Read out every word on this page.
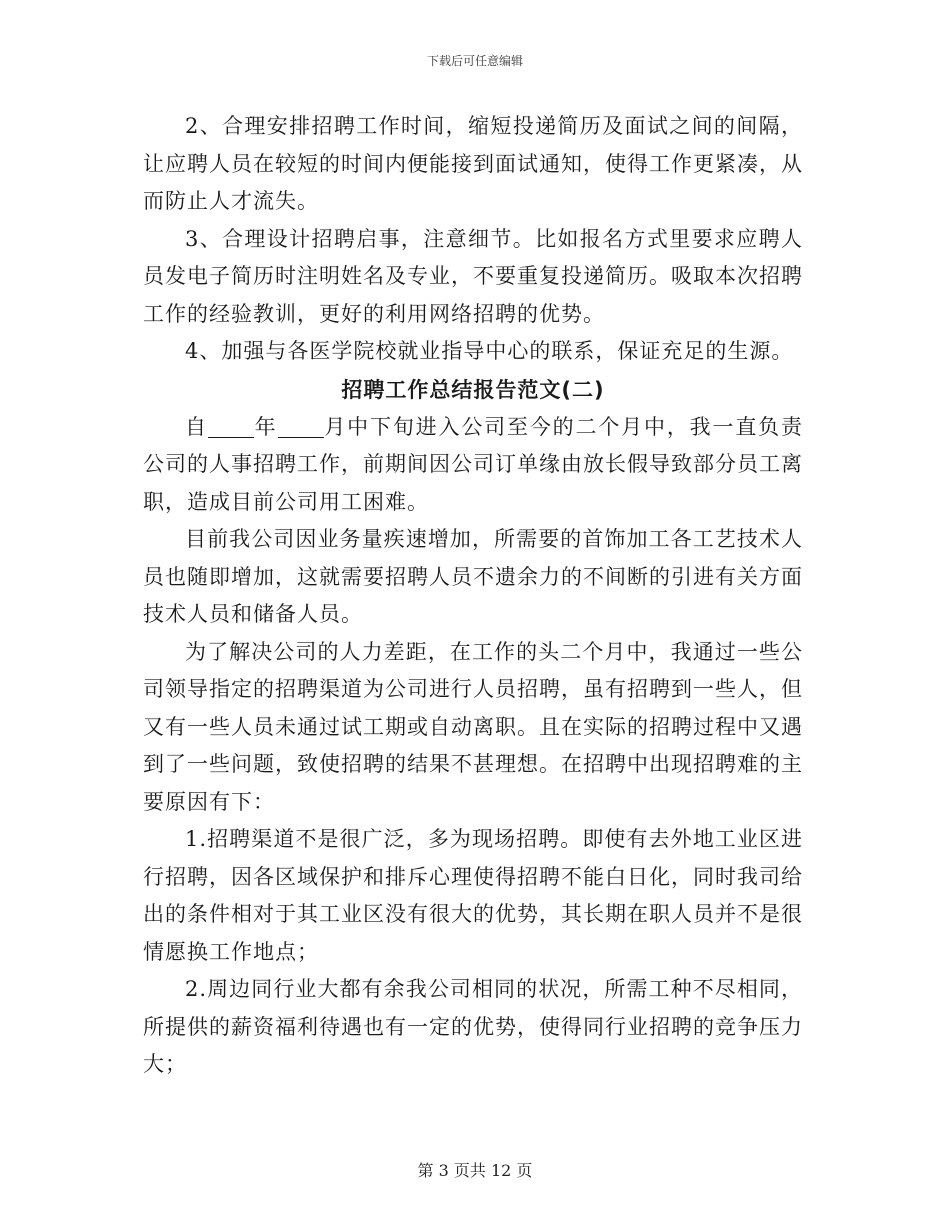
下载后可任意编辑

2、合理安排招聘工作时间，缩短投递简历及面试之间的间隔，让应聘人员在较短的时间内便能接到面试通知，使得工作更紧凑，从而防止人才流失。

3、合理设计招聘启事，注意细节。比如报名方式里要求应聘人员发电子简历时注明姓名及专业，不要重复投递简历。吸取本次招聘工作的经验教训，更好的利用网络招聘的优势。

4、加强与各医学院校就业指导中心的联系，保证充足的生源。

招聘工作总结报告范文(二)

自 年 月中下旬进入公司至今的二个月中，我一直负责公司的人事招聘工作，前期间因公司订单缘由放长假导致部分员工离职，造成目前公司用工困难。

目前我公司因业务量疾速增加，所需要的首饰加工各工艺技术人员也随即增加，这就需要招聘人员不遗余力的不间断的引进有关方面技术人员和储备人员。

为了解决公司的人力差距，在工作的头二个月中，我通过一些公司领导指定的招聘渠道为公司进行人员招聘，虽有招聘到一些人，但又有一些人员未通过试工期或自动离职。且在实际的招聘过程中又遇到了一些问题，致使招聘的结果不甚理想。在招聘中出现招聘难的主要原因有下：

1.招聘渠道不是很广泛，多为现场招聘。即使有去外地工业区进行招聘，因各区域保护和排斥心理使得招聘不能白日化，同时我司给出的条件相对于其工业区没有很大的优势，其长期在职人员并不是很情愿换工作地点；

2.周边同行业大都有余我公司相同的状况，所需工种不尽相同，所提供的薪资福利待遇也有一定的优势，使得同行业招聘的竞争压力大；

第 3 页共 12 页
